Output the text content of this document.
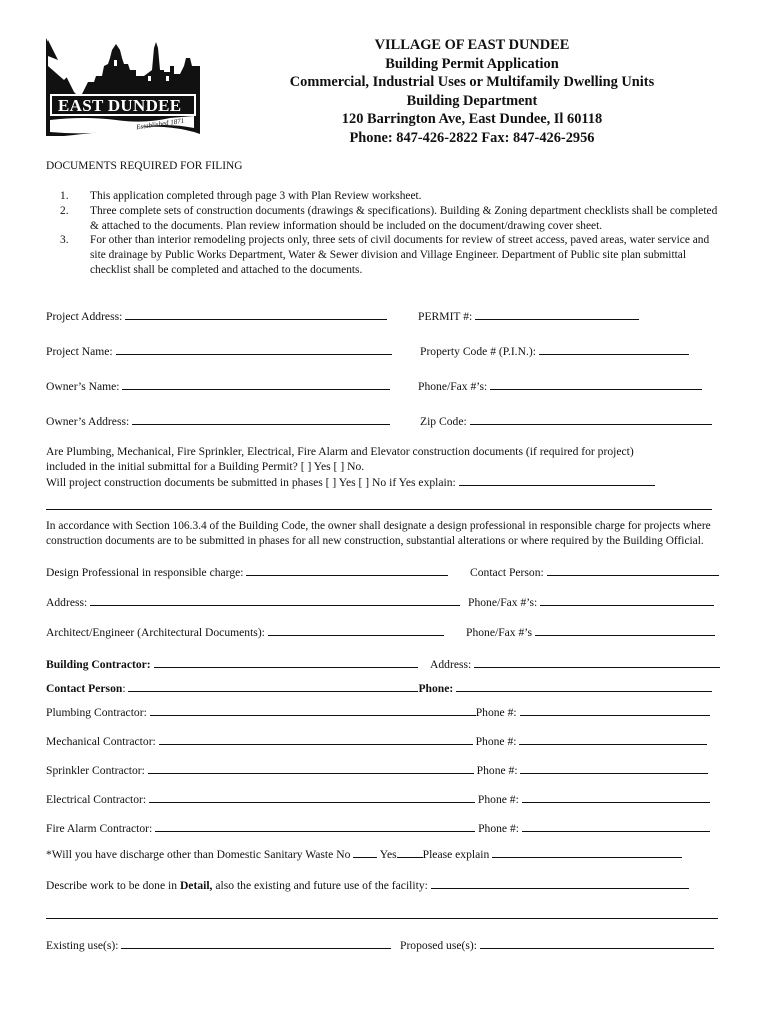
EAST DUNDEE
Established 1871
VILLAGE OF EAST DUNDEE
Building Permit Application
Commercial, Industrial Uses or Multifamily Dwelling Units
Building Department
120 Barrington Ave, East Dundee, Il 60118
Phone: 847-426-2822 Fax: 847-426-2956
DOCUMENTS REQUIRED FOR FILING
1.	This application completed through page 3 with Plan Review worksheet.
2.	Three complete sets of construction documents (drawings & specifications). Building & Zoning department checklists shall be completed & attached to the documents. Plan review information should be included on the document/drawing cover sheet.
3.	For other than interior remodeling projects only, three sets of civil documents for review of street access, paved areas, water service and site drainage by Public Works Department, Water & Sewer division and Village Engineer. Department of Public site plan submittal checklist shall be completed and attached to the documents.
Project Address:	PERMIT #:
Project Name:	Property Code # (P.I.N.):
Owner’s Name:	Phone/Fax #’s:
Owner’s Address:	Zip Code:
Are Plumbing, Mechanical, Fire Sprinkler, Electrical, Fire Alarm and Elevator construction documents (if required for project)
included in the initial submittal for a Building Permit? [ ] Yes [ ] No.
Will project construction documents be submitted in phases [ ] Yes [ ] No if Yes explain:
In accordance with Section 106.3.4 of the Building Code, the owner shall designate a design professional in responsible charge for projects where construction documents are to be submitted in phases for all new construction, substantial alterations or where required by the Building Official.
Design Professional in responsible charge:	Contact Person:
Address:	Phone/Fax #’s:
Architect/Engineer (Architectural Documents):	Phone/Fax #’s
Building Contractor:	Address:
Contact Person:	Phone:
Plumbing Contractor:	Phone #:
Mechanical Contractor:	Phone #:
Sprinkler Contractor:	Phone #:
Electrical Contractor:	Phone #:
Fire Alarm Contractor:	Phone #:
*Will you have discharge other than Domestic Sanitary Waste No	Yes Please explain
Describe work to be done in Detail, also the existing and future use of the facility:
Existing use(s):	Proposed use(s):
